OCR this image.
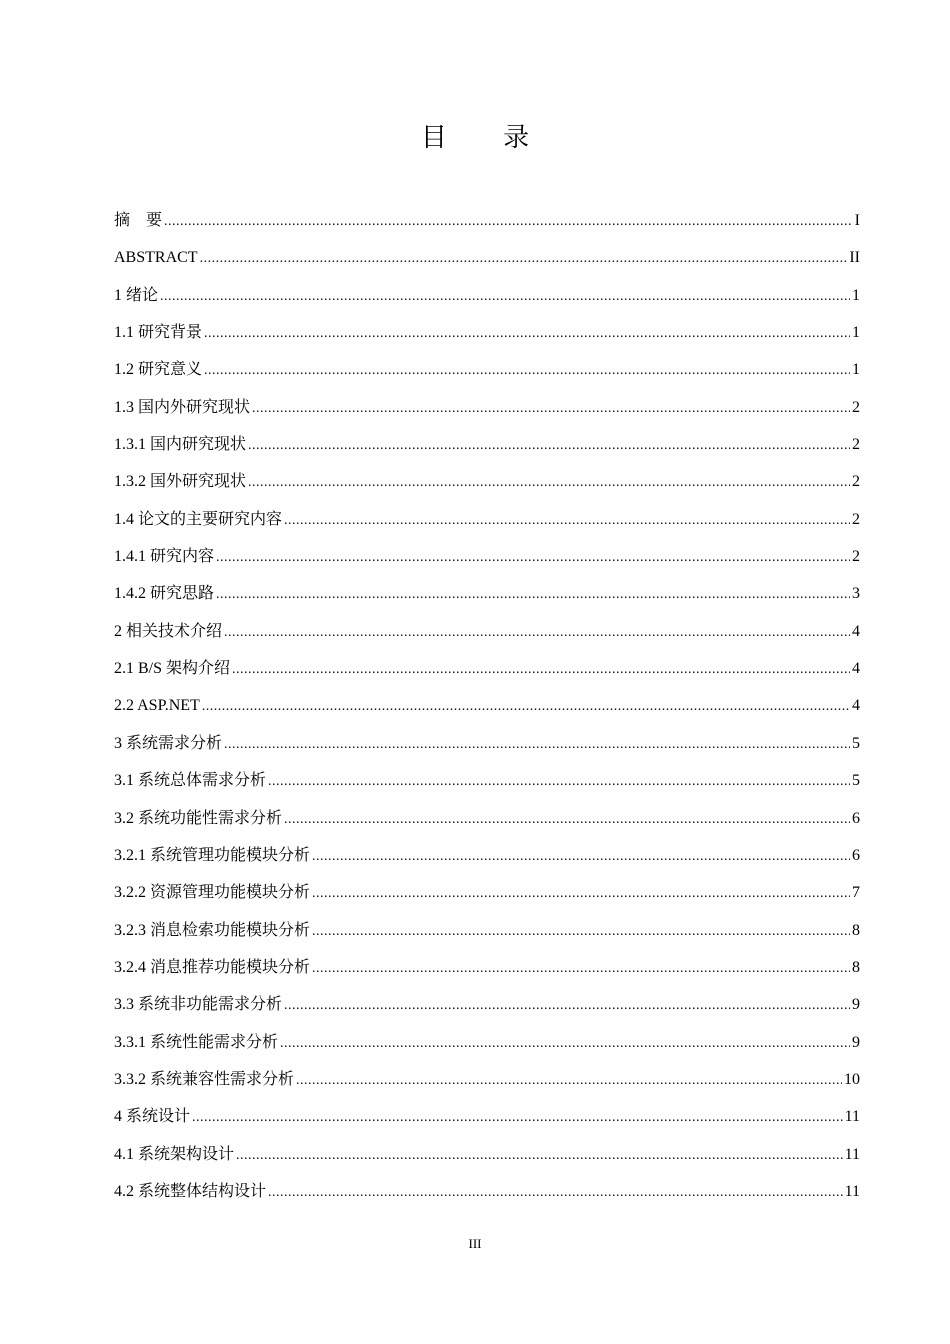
目 录
摘　要 .....	I
ABSTRACT .....	II
1 绪论 .....	1
1.1 研究背景 .....	1
1.2 研究意义 .....	1
1.3 国内外研究现状 .....	2
1.3.1 国内研究现状 .....	2
1.3.2 国外研究现状 .....	2
1.4 论文的主要研究内容 .....	2
1.4.1 研究内容 .....	2
1.4.2 研究思路 .....	3
2 相关技术介绍 .....	4
2.1 B/S 架构介绍 .....	4
2.2 ASP.NET .....	4
3 系统需求分析 .....	5
3.1 系统总体需求分析 .....	5
3.2 系统功能性需求分析 .....	6
3.2.1 系统管理功能模块分析 .....	6
3.2.2 资源管理功能模块分析 .....	7
3.2.3 消息检索功能模块分析 .....	8
3.2.4 消息推荐功能模块分析 .....	8
3.3 系统非功能需求分析 .....	9
3.3.1 系统性能需求分析 .....	9
3.3.2 系统兼容性需求分析 .....	10
4 系统设计 .....	11
4.1 系统架构设计 .....	11
4.2 系统整体结构设计 .....	11
III
